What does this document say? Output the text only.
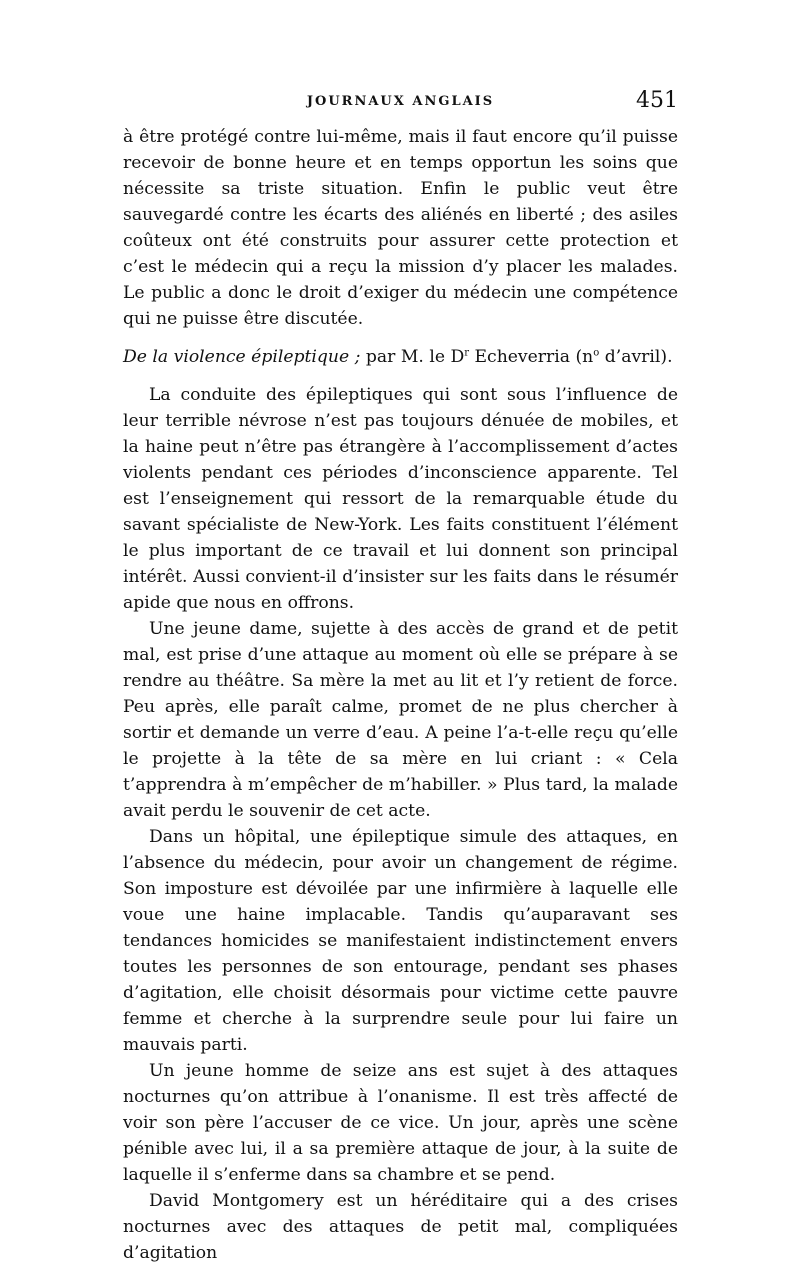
JOURNAUX ANGLAIS	451

à être protégé contre lui-même, mais il faut encore qu’il puisse recevoir de bonne heure et en temps opportun les soins que nécessite sa triste situation. Enfin le public veut être sauvegardé contre les écarts des aliénés en liberté ; des asiles coûteux ont été construits pour assurer cette protection et c’est le médecin qui a reçu la mission d’y placer les malades. Le public a donc le droit d’exiger du médecin une compétence qui ne puisse être discutée.

De la violence épileptique ; par M. le $D^r$ Echeverria ($n^o$ d’avril).

La conduite des épileptiques qui sont sous l’influence de leur terrible névrose n’est pas toujours dénuée de mobiles, et la haine peut n’être pas étrangère à l’accomplissement d’actes violents pendant ces périodes d’inconscience apparente. Tel est l’enseignement qui ressort de la remarquable étude du savant spécialiste de New-York. Les faits constituent l’élément le plus important de ce travail et lui donnent son principal intérêt. Aussi convient-il d’insister sur les faits dans le résumér apide que nous en offrons.

Une jeune dame, sujette à des accès de grand et de petit mal, est prise d’une attaque au moment où elle se prépare à se rendre au théâtre. Sa mère la met au lit et l’y retient de force. Peu après, elle paraît calme, promet de ne plus chercher à sortir et demande un verre d’eau. A peine l’a-t-elle reçu qu’elle le projette à la tête de sa mère en lui criant : « Cela t’apprendra à m’empêcher de m’habiller. » Plus tard, la malade avait perdu le souvenir de cet acte.

Dans un hôpital, une épileptique simule des attaques, en l’absence du médecin, pour avoir un changement de régime. Son imposture est dévoilée par une infirmière à laquelle elle voue une haine implacable. Tandis qu’auparavant ses tendances homicides se manifestaient indistinctement envers toutes les personnes de son entourage, pendant ses phases d’agitation, elle choisit désormais pour victime cette pauvre femme et cherche à la surprendre seule pour lui faire un mauvais parti.

Un jeune homme de seize ans est sujet à des attaques nocturnes qu’on attribue à l’onanisme. Il est très affecté de voir son père l’accuser de ce vice. Un jour, après une scène pénible avec lui, il a sa première attaque de jour, à la suite de laquelle il s’enferme dans sa chambre et se pend.

David Montgomery est un héréditaire qui a des crises nocturnes avec des attaques de petit mal, compliquées d’agitation
